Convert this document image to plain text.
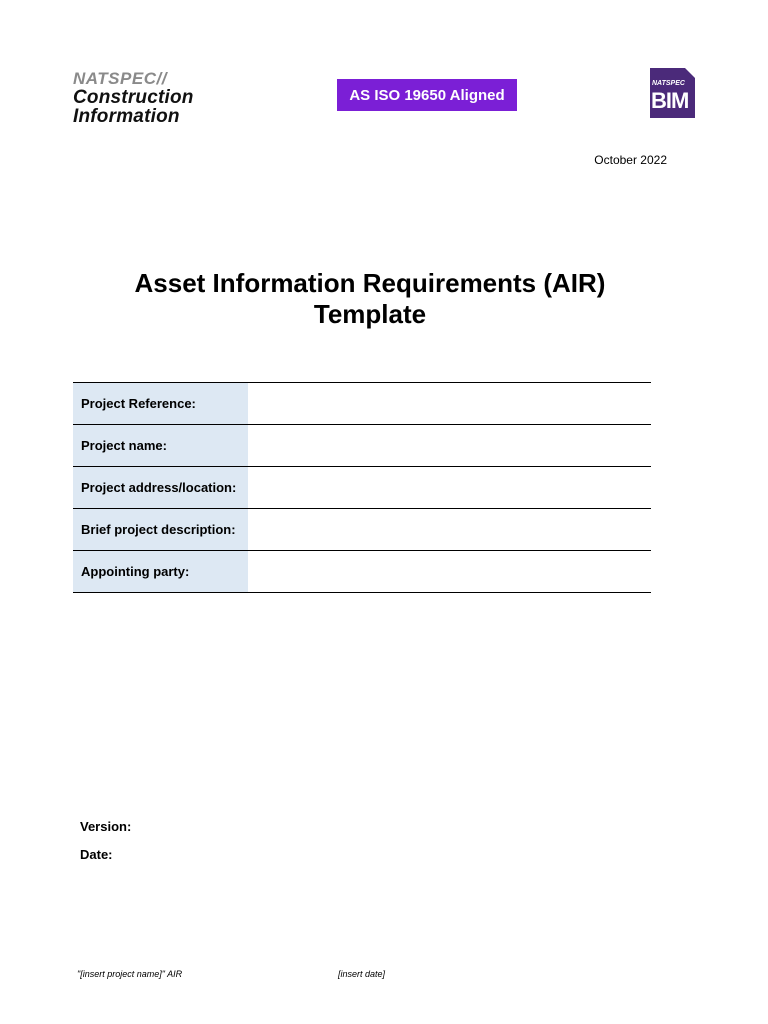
NATSPEC//
Construction
Information
AS ISO 19650 Aligned
NATSPEC
BIM
October 2022
Asset Information Requirements (AIR)
Template
Project Reference:
Project name:
Project address/location:
Brief project description:
Appointing party:
Version:
Date:
"[insert project name]" AIR	[insert date]
